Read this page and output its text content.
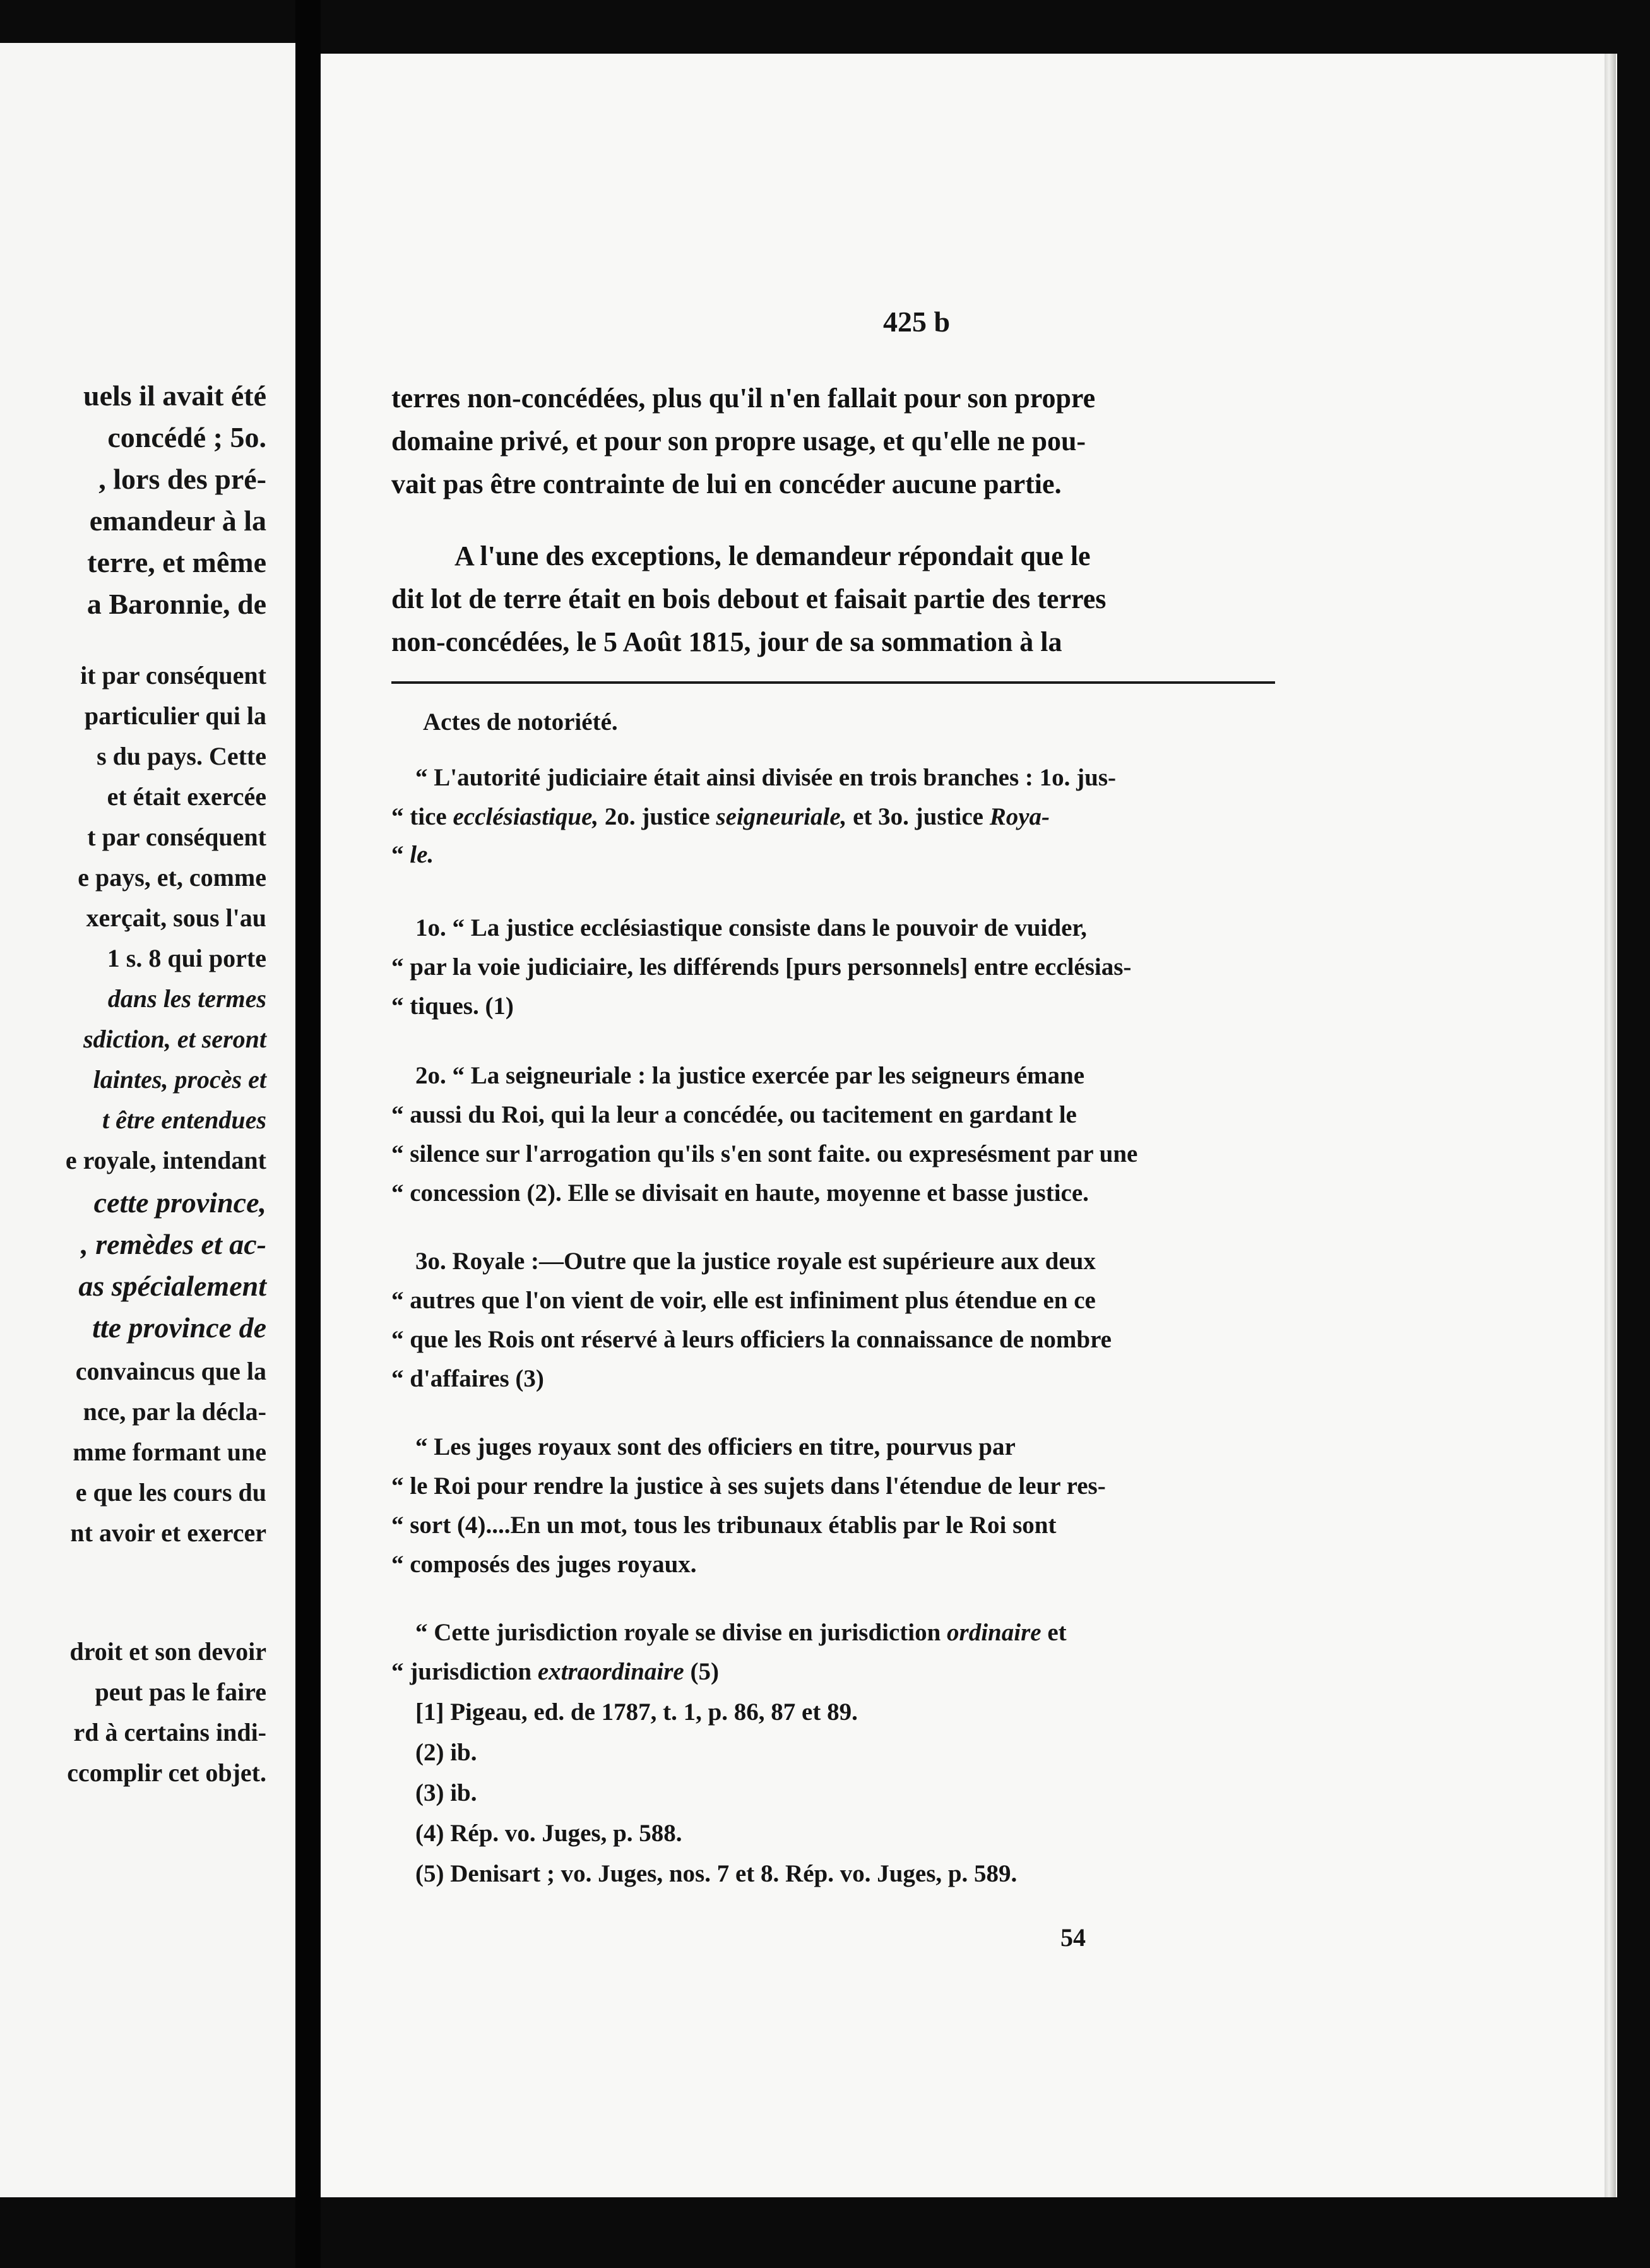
uels il avait été
concédé ; 5o.
, lors des pré-
emandeur à la
terre, et même
a Baronnie, de
it par conséquent
particulier qui la
s du pays. Cette
et était exercée
t par conséquent
e pays, et, comme
xerçait, sous l'au
1 s. 8 qui porte
dans les termes
sdiction, et seront
laintes, procès et
t être entendues
e royale, intendant
cette province,
, remèdes et ac-
as spécialement
tte province de
convaincus que la
nce, par la décla-
mme formant une
e que les cours du
nt avoir et exercer
droit et son devoir
peut pas le faire
rd à certains indi-
ccomplir cet objet.
425 b
terres non-concédées, plus qu'il n'en fallait pour son propre
domaine privé, et pour son propre usage, et qu'elle ne pou-
vait pas être contrainte de lui en concéder aucune partie.
A l'une des exceptions, le demandeur répondait que le
dit lot de terre était en bois debout et faisait partie des terres
non-concédées, le 5 Août 1815, jour de sa sommation à la
Actes de notoriété.
“ L'autorité judiciaire était ainsi divisée en trois branches : 1o. jus-
“ tice ecclésiastique, 2o. justice seigneuriale, et 3o. justice Roya-
“ le.
1o. “ La justice ecclésiastique consiste dans le pouvoir de vuider,
“ par la voie judiciaire, les différends [purs personnels] entre ecclésias-
“ tiques. (1)
2o. “ La seigneuriale : la justice exercée par les seigneurs émane
“ aussi du Roi, qui la leur a concédée, ou tacitement en gardant le
“ silence sur l'arrogation qu'ils s'en sont faite. ou expresésment par une
“ concession (2). Elle se divisait en haute, moyenne et basse justice.
3o. Royale :—Outre que la justice royale est supérieure aux deux
“ autres que l'on vient de voir, elle est infiniment plus étendue en ce
“ que les Rois ont réservé à leurs officiers la connaissance de nombre
“ d'affaires (3)
“ Les juges royaux sont des officiers en titre, pourvus par
“ le Roi pour rendre la justice à ses sujets dans l'étendue de leur res-
“ sort (4)....En un mot, tous les tribunaux établis par le Roi sont
“ composés des juges royaux.
“ Cette jurisdiction royale se divise en jurisdiction ordinaire et
“ jurisdiction extraordinaire (5)
[1] Pigeau, ed. de 1787, t. 1, p. 86, 87 et 89.
(2) ib.
(3) ib.
(4) Rép. vo. Juges, p. 588.
(5) Denisart ; vo. Juges, nos. 7 et 8. Rép. vo. Juges, p. 589.
54
